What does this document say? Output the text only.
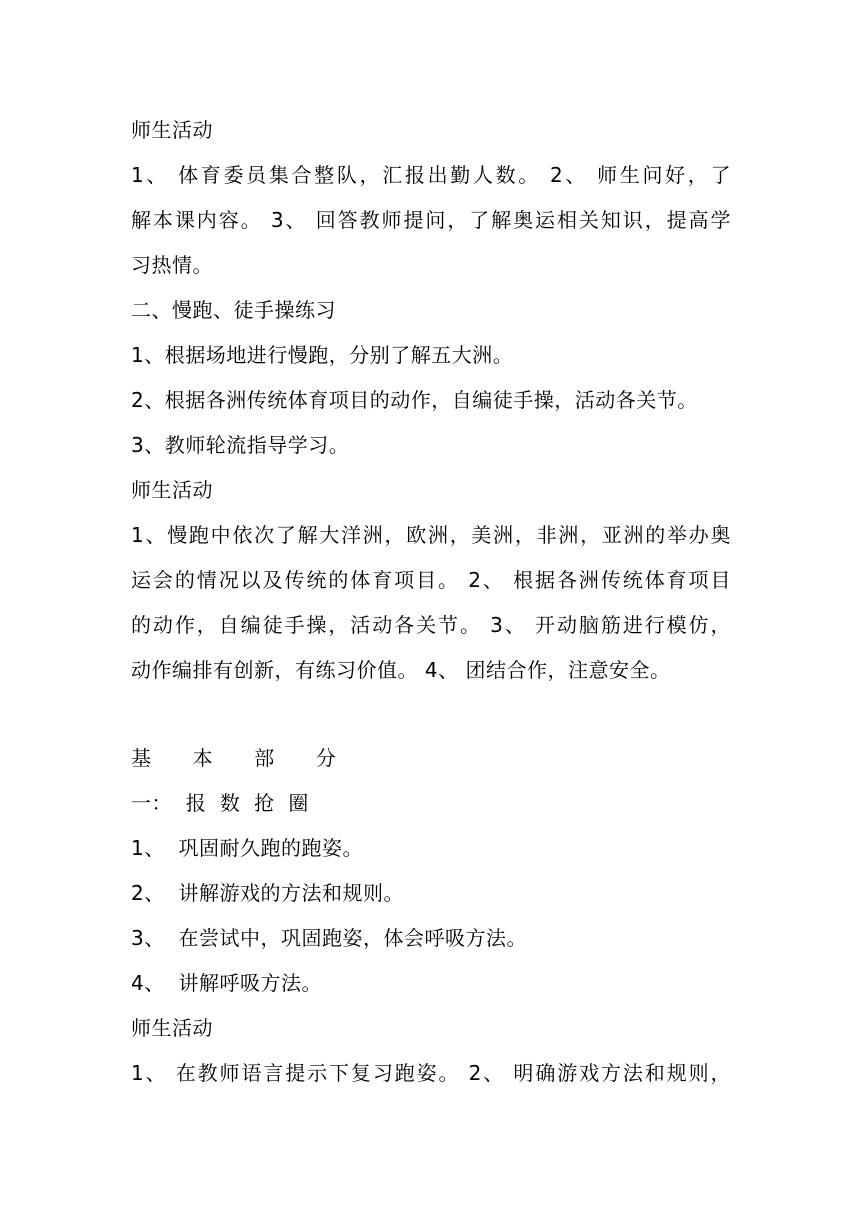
师生活动
1、 体育委员集合整队，汇报出勤人数。 2、 师生问好，了
解本课内容。 3、 回答教师提问，了解奥运相关知识，提高学
习热情。
二、慢跑、徒手操练习
1、根据场地进行慢跑，分别了解五大洲。
2、根据各洲传统体育项目的动作，自编徒手操，活动各关节。
3、教师轮流指导学习。
师生活动
1、慢跑中依次了解大洋洲，欧洲，美洲，非洲，亚洲的举办奥
运会的情况以及传统的体育项目。 2、 根据各洲传统体育项目
的动作，自编徒手操，活动各关节。 3、 开动脑筋进行模仿，
动作编排有创新，有练习价值。 4、 团结合作，注意安全。
基      本      部      分
一：  报  数  抢  圈
1、  巩固耐久跑的跑姿。
2、  讲解游戏的方法和规则。
3、  在尝试中，巩固跑姿，体会呼吸方法。
4、  讲解呼吸方法。
师生活动
1、 在教师语言提示下复习跑姿。 2、 明确游戏方法和规则，
